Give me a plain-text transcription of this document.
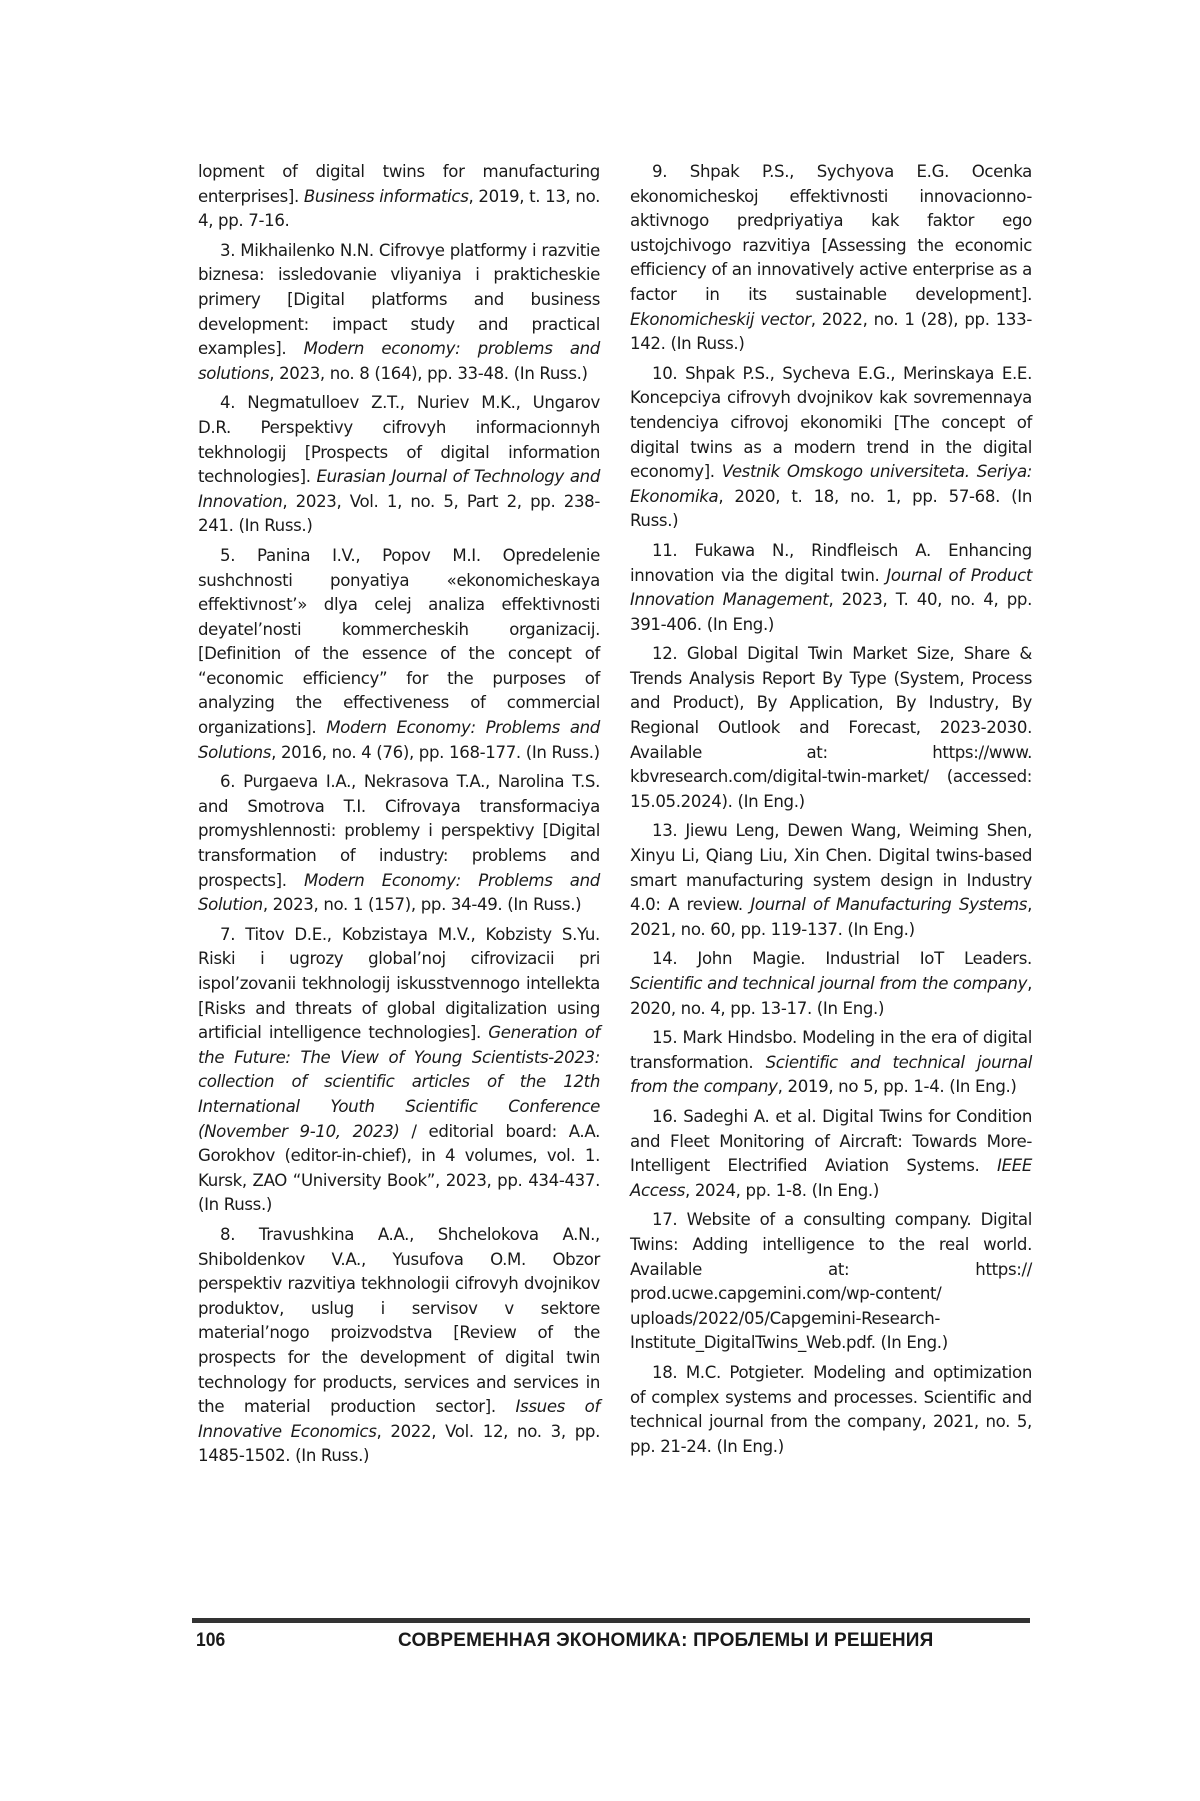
lopment of digital twins for manufacturing enterprises]. Business informatics, 2019, t. 13, no. 4, pp. 7-16.

3. Mikhailenko N.N. Cifrovye platformy i razvitie biznesa: issledovanie vliyaniya i prakticheskie primery [Digital platforms and business development: impact study and practical examples]. Modern economy: problems and solutions, 2023, no. 8 (164), pp. 33-48. (In Russ.)

4. Negmatulloev Z.T., Nuriev M.K., Ungarov D.R. Perspektivy cifrovyh informacionnyh tekhnologij [Prospects of digital information technologies]. Eurasian Journal of Technology and Innovation, 2023, Vol. 1, no. 5, Part 2, pp. 238-241. (In Russ.)

5. Panina I.V., Popov M.I. Opredelenie sushchnosti ponyatiya «ekonomicheskaya effektivnost’» dlya celej analiza effektivnosti deyatel’nosti kommercheskih organizacij. [Definition of the essence of the concept of “economic efficiency” for the purposes of analyzing the effectiveness of commercial organizations]. Modern Economy: Problems and Solutions, 2016, no. 4 (76), pp. 168-177. (In Russ.)

6. Purgaeva I.A., Nekrasova T.A., Narolina T.S. and Smotrova T.I. Cifrovaya transformaciya promyshlennosti: problemy i perspektivy [Digital transformation of industry: problems and prospects]. Modern Economy: Problems and Solution, 2023, no. 1 (157), pp. 34-49. (In Russ.)

7. Titov D.E., Kobzistaya M.V., Kobzisty S.Yu. Riski i ugrozy global’noj cifrovizacii pri ispol’zovanii tekhnologij iskusstvennogo intellekta [Risks and threats of global digitalization using artificial intelligence technologies]. Generation of the Future: The View of Young Scientists-2023: collection of scientific articles of the 12th International Youth Scientific Conference (November 9-10, 2023) / editorial board: A.A. Gorokhov (editor-in-chief), in 4 volumes, vol. 1. Kursk, ZAO “University Book”, 2023, pp. 434-437. (In Russ.)

8. Travushkina A.A., Shchelokova A.N., Shiboldenkov V.A., Yusufova O.M. Obzor perspektiv razvitiya tekhnologii cifrovyh dvojnikov produktov, uslug i servisov v sektore material’nogo proizvodstva [Review of the prospects for the development of digital twin technology for products, services and services in the material production sector]. Issues of Innovative Economics, 2022, Vol. 12, no. 3, pp. 1485-1502. (In Russ.)

9. Shpak P.S., Sychyova E.G. Ocenka ekonomicheskoj effektivnosti innovacionno-aktivnogo predpriyatiya kak faktor ego ustojchivogo razvitiya [Assessing the economic efficiency of an innovatively active enterprise as a factor in its sustainable development]. Ekonomicheskij vector, 2022, no. 1 (28), pp. 133-142. (In Russ.)

10. Shpak P.S., Sycheva E.G., Merinskaya E.E. Koncepciya cifrovyh dvojnikov kak sovremennaya tendenciya cifrovoj ekonomiki [The concept of digital twins as a modern trend in the digital economy]. Vestnik Omskogo universiteta. Seriya: Ekonomika, 2020, t. 18, no. 1, pp. 57-68. (In Russ.)

11. Fukawa N., Rindfleisch A. Enhancing innovation via the digital twin. Journal of Product Innovation Management, 2023, T. 40, no. 4, pp. 391-406. (In Eng.)

12. Global Digital Twin Market Size, Share & Trends Analysis Report By Type (System, Process and Product), By Application, By Industry, By Regional Outlook and Forecast, 2023-2030. Available at: https://www. kbvresearch.com/digital-twin-market/ (accessed: 15.05.2024). (In Eng.)

13. Jiewu Leng, Dewen Wang, Weiming Shen, Xinyu Li, Qiang Liu, Xin Chen. Digital twins-based smart manufacturing system design in Industry 4.0: A review. Journal of Manufacturing Systems, 2021, no. 60, pp. 119-137. (In Eng.)

14. John Magie. Industrial IoT Leaders. Scientific and technical journal from the company, 2020, no. 4, pp. 13-17. (In Eng.)

15. Mark Hindsbo. Modeling in the era of digital transformation. Scientific and technical journal from the company, 2019, no 5, pp. 1-4. (In Eng.)

16. Sadeghi A. et al. Digital Twins for Condition and Fleet Monitoring of Aircraft: Towards More-Intelligent Electrified Aviation Systems. IEEE Access, 2024, pp. 1-8. (In Eng.)

17. Website of a consulting company. Digital Twins: Adding intelligence to the real world. Available at: https:// prod.ucwe.capgemini.com/wp-content/ uploads/2022/05/Capgemini-Research-Institute_DigitalTwins_Web.pdf. (In Eng.)

18. M.C. Potgieter. Modeling and optimization of complex systems and processes. Scientific and technical journal from the company, 2021, no. 5, pp. 21-24. (In Eng.)

106	СОВРЕМЕННАЯ ЭКОНОМИКА: ПРОБЛЕМЫ И РЕШЕНИЯ
